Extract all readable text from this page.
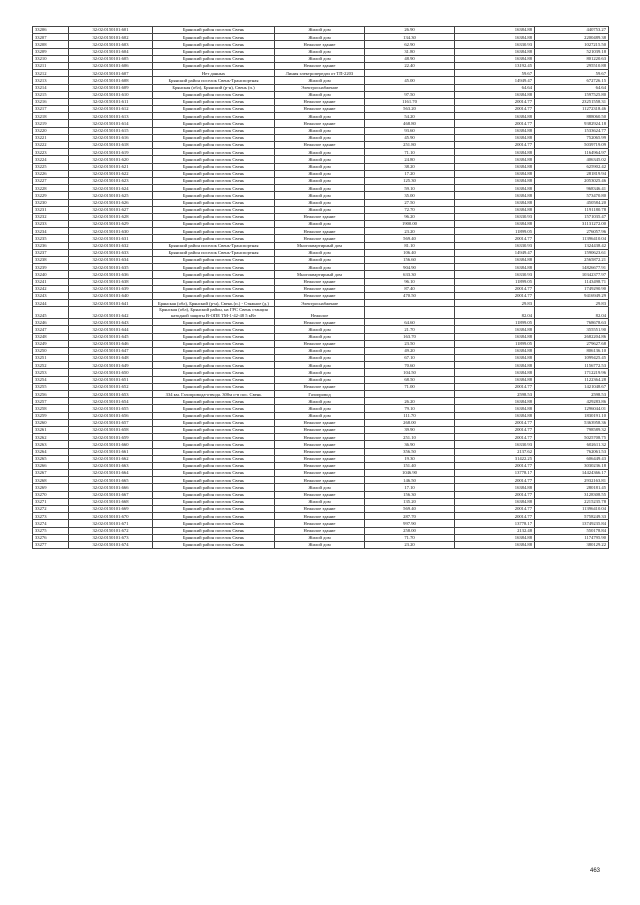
33206	32:02:0150101:601	Брянский район поселок Свень	Жилой дом	26.90	16384.88	440753.27
33207	32:02:0150101:602	Брянский район поселок Свень	Жилой дом	134.30	16384.88	2200489.38
33208	32:02:0150101:603	Брянский район поселок Свень	Нежилое здание	62.90	16330.93	1027215.50
33209	32:02:0150101:604	Брянский район поселок Свень	Жилой дом	31.80	16384.88	521039.18
33210	32:02:0150101:605	Брянский район поселок Свень	Жилой дом	48.90	16384.88	801220.63
33211	32:02:0150101:606	Брянский район поселок Свень	Нежилое здание	22.40	13192.45	295510.88
33212	32:02:0150101:607	Нет данных	Линия электропередач от ТП-2203		59.67	59.67
33213	32:02:0150101:608	Брянский район поселок Свень-Транспортная	Жилой дом	45.00	14949.47	672726.15
33214	32:02:0150101:609	Брянская (обл), Брянский (р-н), Свень (п.)	Электроснабжение		64.64	64.64
33215	32:02:0150101:610	Брянский район поселок Свень	Жилой дом	97.50	16384.88	1597525.80
33216	32:02:0150101:611	Брянский район поселок Свень	Нежилое здание	1161.70	20014.77	23251558.31
33217	32:02:0150101:612	Брянский район поселок Свень	Нежилое здание	563.20	20014.77	11272318.46
33218	32:02:0150101:613	Брянский район поселок Свень	Жилой дом	54.20	16384.88	888060.50
33219	32:02:0150101:614	Брянский район поселок Свень	Нежилое здание	468.80	20014.77	9382924.18
33220	32:02:0150101:615	Брянский район поселок Свень	Жилой дом	93.60	16384.88	1533624.77
33221	32:02:0150101:616	Брянский район поселок Свень	Жилой дом	45.90	16384.88	752065.99
33222	32:02:0150101:618	Брянский район поселок Свень	Нежилое здание	251.80	20014.77	5039719.09
33223	32:02:0150101:619	Брянский район поселок Свень	Жилой дом	71.10	16384.88	1164964.97
33224	32:02:0150101:620	Брянский район поселок Свень	Жилой дом	24.80	16384.88	406345.02
33225	32:02:0150101:621	Брянский район поселок Свень	Жилой дом	38.20	16384.88	625902.42
33226	32:02:0150101:622	Брянский район поселок Свень	Жилой дом	17.20	16384.88	281819.94
33227	32:02:0150101:623	Брянский район поселок Свень	Жилой дом	125.30	16384.88	2053025.46
33228	32:02:0150101:624	Брянский район поселок Свень	Жилой дом	59.10	16384.88	968346.41
33229	32:02:0150101:625	Брянский район поселок Свень	Жилой дом	35.00	16384.88	573470.80
33230	32:02:0150101:626	Брянский район поселок Свень	Жилой дом	27.50	16384.88	450584.20
33231	32:02:0150101:627	Брянский район поселок Свень	Жилой дом	72.70	16384.88	1191180.78
33232	32:02:0150101:628	Брянский район поселок Свень	Нежилое здание	96.20	16330.93	1571035.47
33233	32:02:0150101:629	Брянский район поселок Свень	Жилой дом	1900.00	16384.88	31131272.00
33234	32:02:0150101:630	Брянский район поселок Свень	Нежилое здание	23.20	11899.05	276057.96
33235	32:02:0150101:631	Брянский район поселок Свень	Нежилое здание	569.40	20014.77	11396410.04
33236	32:02:0150101:632	Брянский район поселок Свень-Транспортная	Многоквартирный дом	81.10	16330.93	1324438.42
33237	32:02:0150101:633	Брянский район поселок Свень-Транспортная	Жилой дом	106.40	14949.47	1590623.61
33238	32:02:0150101:634	Брянский район поселок Свень	Жилой дом	156.60	16384.88	2565872.21
33239	32:02:0150101:635	Брянский район поселок Свень	Жилой дом	904.90	16384.88	14826677.91
33240	32:02:0150101:636	Брянский район поселок Свень	Многоквартирный дом	633.30	16330.93	10342377.97
33241	32:02:0150101:638	Брянский район поселок Свень	Нежилое здание	96.10	11899.05	1143498.71
33242	32:02:0150101:639	Брянский район поселок Свень	Нежилое здание	87.40	20014.77	1749290.90
33243	32:02:0150101:640	Брянский район поселок Свень	Нежилое здание	470.50	20014.77	9416949.29
33244	32:02:0150101:641	Брянская (обл), Брянский (р-н), Свень (п.) - Стяжное (д.)	Электроснабжение		29.83	29.83
33245	32:02:0150101:642	Брянская (обл), Брянский район, на ГРС Свень станция катодной защиты В-ОПЕ ТМ-1-42-48 5 кВт	Нежилое		82.04	82.04
33246	32:02:0150101:643	Брянский район поселок Свень	Нежилое здание	64.60	11899.05	768678.63
33247	32:02:0150101:644	Брянский район поселок Свень	Жилой дом	21.70	16384.88	355551.90
33248	32:02:0150101:645	Брянский район поселок Свень	Жилой дом	163.70	16384.88	2682204.86
33249	32:02:0150101:646	Брянский район поселок Свень	Нежилое здание	23.50	11899.05	279627.68
33250	32:02:0150101:647	Брянский район поселок Свень	Жилой дом	49.20	16384.88	806136.10
33251	32:02:0150101:648	Брянский район поселок Свень	Жилой дом	67.10	16384.88	1099425.45
33252	32:02:0150101:649	Брянский район поселок Свень	Жилой дом	70.60	16384.88	1156772.53
33253	32:02:0150101:650	Брянский район поселок Свень	Жилой дом	104.50	16384.88	1712219.96
33254	32:02:0150101:651	Брянский район поселок Свень	Жилой дом	68.50	16384.88	1122364.28
33255	32:02:0150101:652	Брянский район поселок Свень	Нежилое здание	71.00	20014.77	1421048.67
33256	32:02:0150101:653	334 км. Газопровода-отвода. 300м о-в пос. Свень	Газопровод		2598.53	2598.53
33257	32:02:0150101:654	Брянский район поселок Свень	Жилой дом	26.20	16384.88	429283.86
33258	32:02:0150101:655	Брянский район поселок Свень	Жилой дом	79.10	16384.88	1296044.01
33259	32:02:0150101:656	Брянский район поселок Свень	Жилой дом	111.70	16384.88	1830191.10
33260	32:02:0150101:657	Брянский район поселок Свень	Нежилое здание	268.00	20014.77	5363958.36
33261	32:02:0150101:658	Брянский район поселок Свень	Нежилое здание	39.90	20014.77	798589.32
33262	32:02:0150101:659	Брянский район поселок Свень	Нежилое здание	251.10	20014.77	5025708.75
33263	32:02:0150101:660	Брянский район поселок Свень	Нежилое здание	36.90	16330.93	602611.32
33264	32:02:0150101:661	Брянский район поселок Свень	Нежилое здание	356.50	2137.62	762061.53
33265	32:02:0150101:662	Брянский район поселок Свень	Нежилое здание	19.30	31422.25	606449.43
33266	32:02:0150101:663	Брянский район поселок Свень	Нежилое здание	151.40	20014.77	3030236.18
33267	32:02:0150101:664	Брянский район поселок Свень	Нежилое здание	1046.90	13778.17	14424366.17
33268	32:02:0150101:665	Брянский район поселок Свень	Нежилое здание	146.50	20014.77	2932163.81
33269	32:02:0150101:666	Брянский район поселок Свень	Жилой дом	17.10	16384.88	280181.45
33270	32:02:0150101:667	Брянский район поселок Свень	Нежилое здание	156.30	20014.77	3128308.55
33271	32:02:0150101:668	Брянский район поселок Свень	Жилой дом	135.20	16384.88	2215235.78
33272	32:02:0150101:669	Брянский район поселок Свень	Нежилое здание	569.40	20014.77	11396410.04
33273	32:02:0150101:670	Брянский район поселок Свень	Нежилое здание	287.70	20014.77	5758249.33
33274	32:02:0150101:671	Брянский район поселок Свень	Нежилое здание	997.90	13778.17	13749235.84
33275	32:02:0150101:672	Брянский район поселок Свень	Нежилое здание	258.00	2132.48	550178.84
33276	32:02:0150101:673	Брянский район поселок Свень	Жилой дом	71.70	16384.88	1174795.90
33277	32:02:0150101:674	Брянский район поселок Свень	Жилой дом	23.20	16384.88	380129.22
463
